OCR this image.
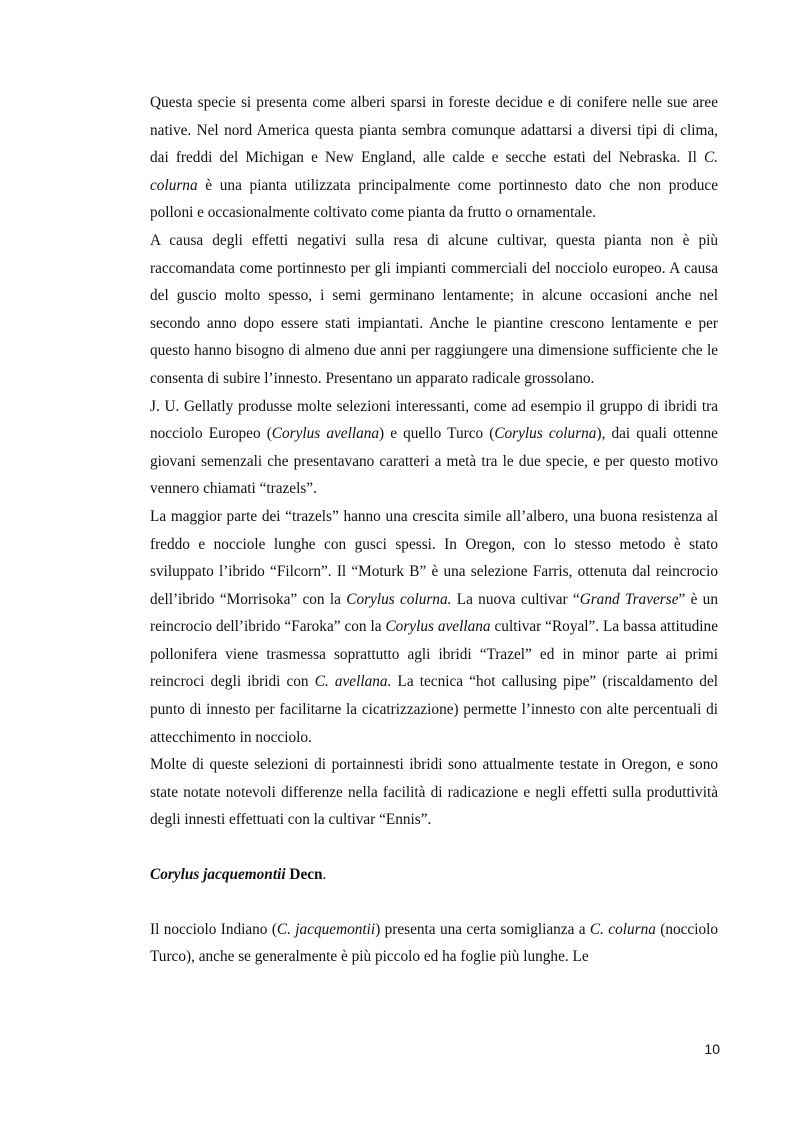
Questa specie si presenta come alberi sparsi in foreste decidue e di conifere nelle sue aree native. Nel nord America questa pianta sembra comunque adattarsi a diversi tipi di clima, dai freddi del Michigan e New England, alle calde e secche estati del Nebraska. Il C. colurna è una pianta utilizzata principalmente come portinnesto dato che non produce polloni e occasionalmente coltivato come pianta da frutto o ornamentale.

A causa degli effetti negativi sulla resa di alcune cultivar, questa pianta non è più raccomandata come portinnesto per gli impianti commerciali del nocciolo europeo. A causa del guscio molto spesso, i semi germinano lentamente; in alcune occasioni anche nel secondo anno dopo essere stati impiantati. Anche le piantine crescono lentamente e per questo hanno bisogno di almeno due anni per raggiungere una dimensione sufficiente che le consenta di subire l’innesto. Presentano un apparato radicale grossolano.

J. U. Gellatly produsse molte selezioni interessanti, come ad esempio il gruppo di ibridi tra nocciolo Europeo (Corylus avellana) e quello Turco (Corylus colurna), dai quali ottenne giovani semenzali che presentavano caratteri a metà tra le due specie, e per questo motivo vennero chiamati “trazels”.

La maggior parte dei “trazels” hanno una crescita simile all’albero, una buona resistenza al freddo e nocciole lunghe con gusci spessi. In Oregon, con lo stesso metodo è stato sviluppato l’ibrido “Filcorn”. Il “Moturk B” è una selezione Farris, ottenuta dal reincrocio dell’ibrido “Morrisoka” con la Corylus colurna. La nuova cultivar “Grand Traverse” è un reincrocio dell’ibrido “Faroka” con la Corylus avellana cultivar “Royal”. La bassa attitudine pollonifera viene trasmessa soprattutto agli ibridi “Trazel” ed in minor parte ai primi reincroci degli ibridi con C. avellana. La tecnica “hot callusing pipe” (riscaldamento del punto di innesto per facilitarne la cicatrizzazione) permette l’innesto con alte percentuali di attecchimento in nocciolo.

Molte di queste selezioni di portainnesti ibridi sono attualmente testate in Oregon, e sono state notate notevoli differenze nella facilità di radicazione e negli effetti sulla produttività degli innesti effettuati con la cultivar “Ennis”.

Corylus jacquemontii Decn.

Il nocciolo Indiano (C. jacquemontii) presenta una certa somiglianza a C. colurna (nocciolo Turco), anche se generalmente è più piccolo ed ha foglie più lunghe. Le

10
